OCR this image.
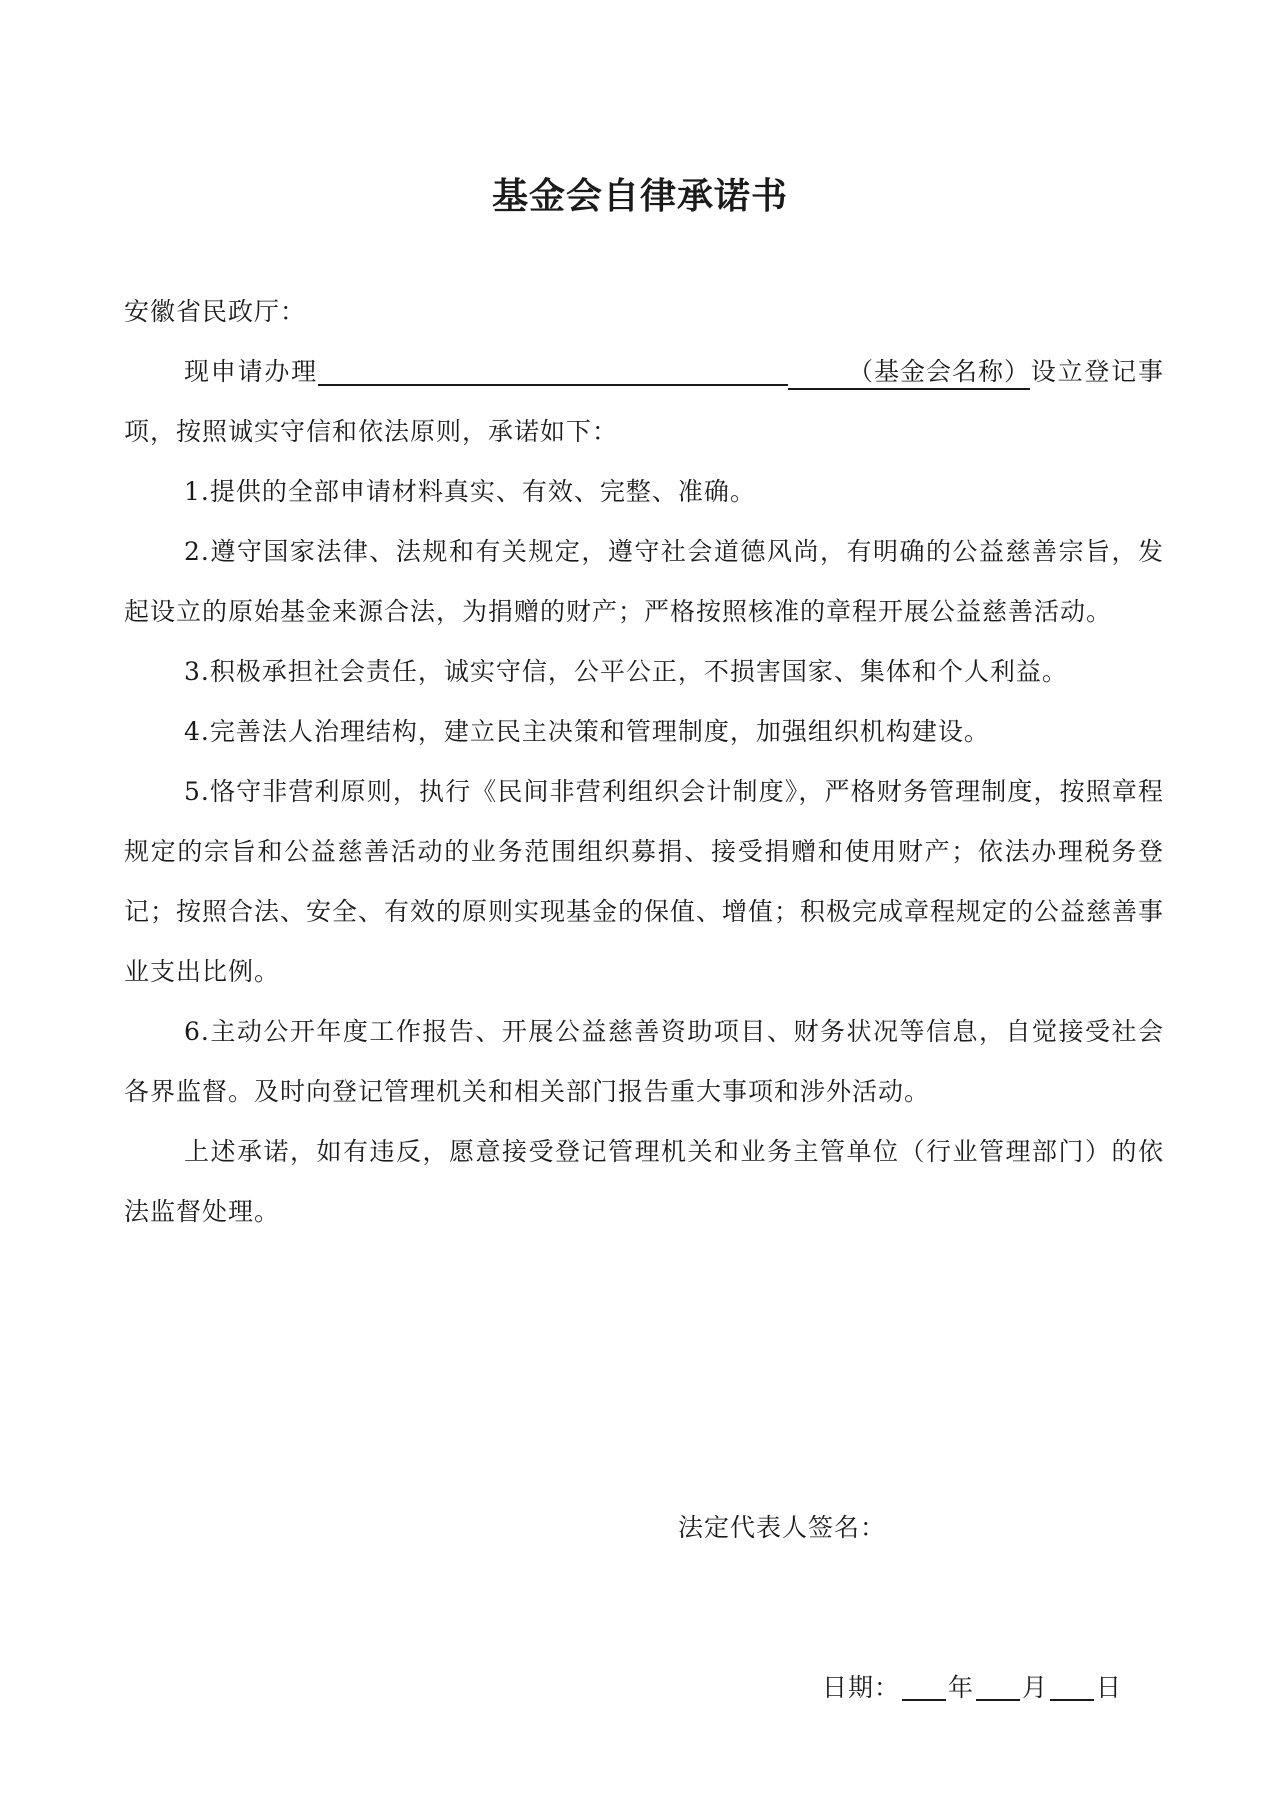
基金会自律承诺书

安徽省民政厅：

现申请办理	（基金会名称）设立登记事项，按照诚实守信和依法原则，承诺如下：

1.提供的全部申请材料真实、有效、完整、准确。

2.遵守国家法律、法规和有关规定，遵守社会道德风尚，有明确的公益慈善宗旨，发起设立的原始基金来源合法，为捐赠的财产；严格按照核准的章程开展公益慈善活动。

3.积极承担社会责任，诚实守信，公平公正，不损害国家、集体和个人利益。

4.完善法人治理结构，建立民主决策和管理制度，加强组织机构建设。

5.恪守非营利原则，执行《民间非营利组织会计制度》，严格财务管理制度，按照章程规定的宗旨和公益慈善活动的业务范围组织募捐、接受捐赠和使用财产；依法办理税务登记；按照合法、安全、有效的原则实现基金的保值、增值；积极完成章程规定的公益慈善事业支出比例。

6.主动公开年度工作报告、开展公益慈善资助项目、财务状况等信息，自觉接受社会各界监督。及时向登记管理机关和相关部门报告重大事项和涉外活动。

上述承诺，如有违反，愿意接受登记管理机关和业务主管单位（行业管理部门）的依法监督处理。

法定代表人签名：

日期： 年 月 日
